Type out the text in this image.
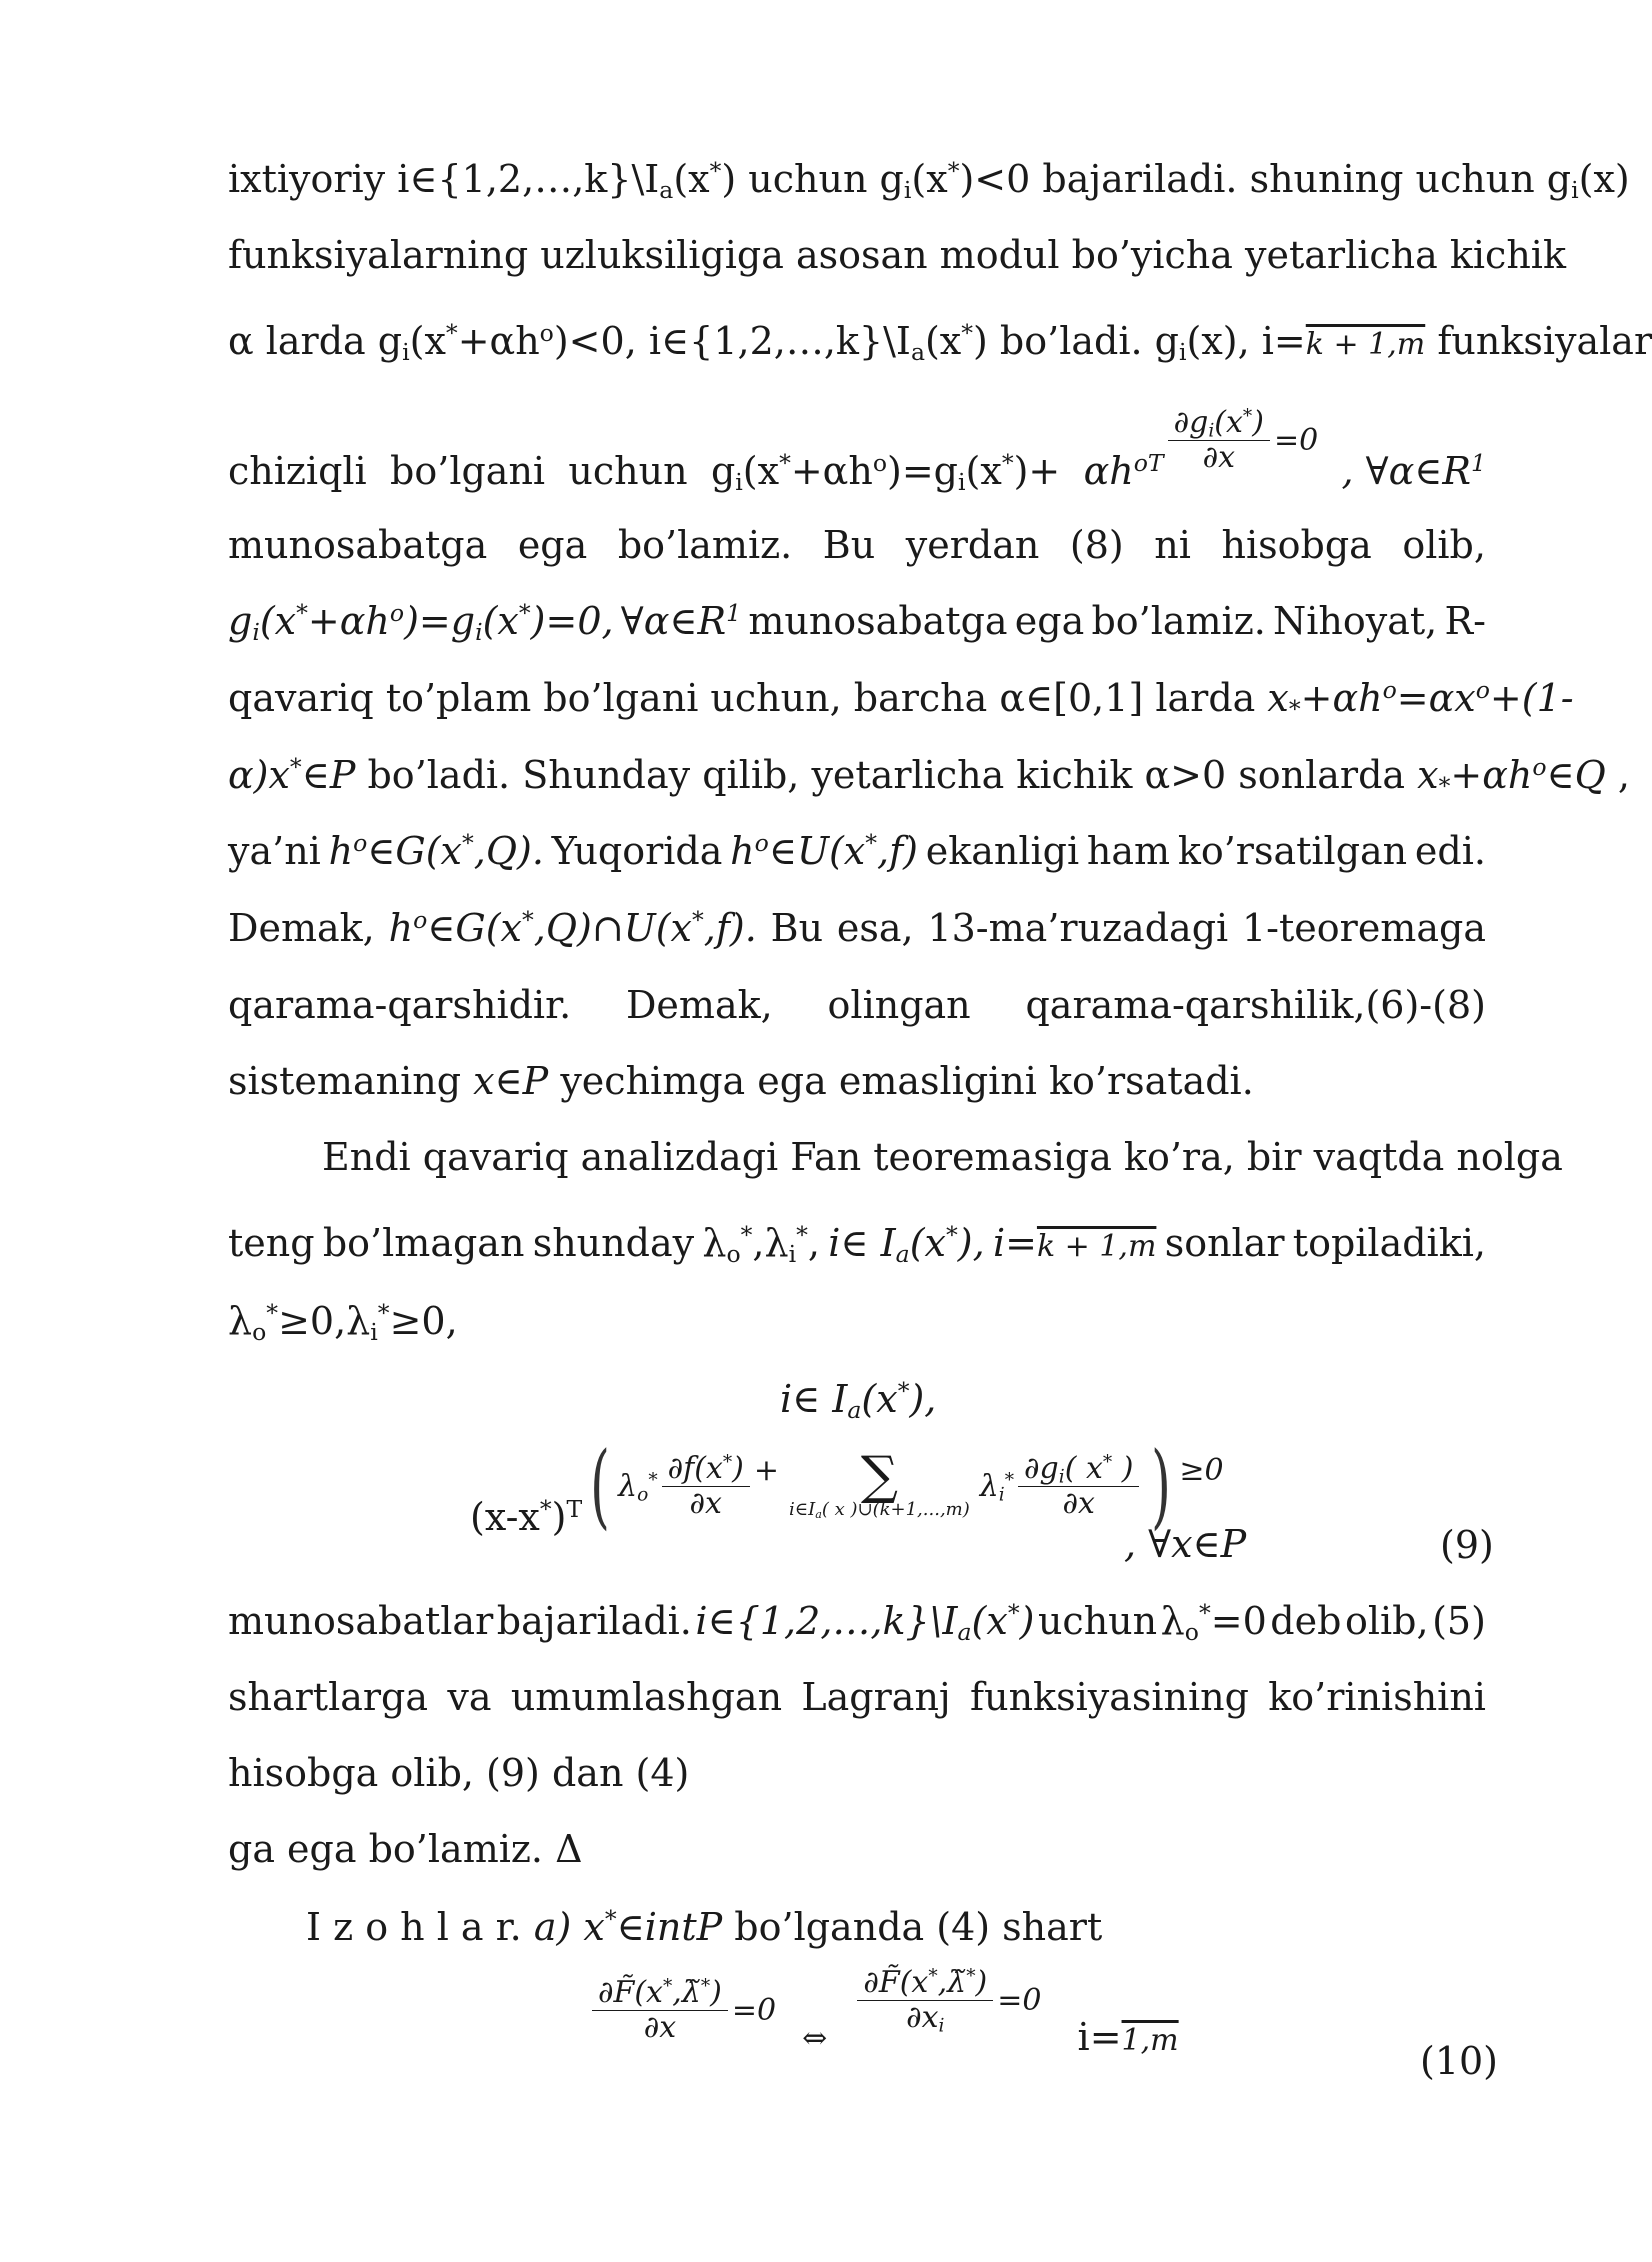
ixtiyoriy $i\in\{1,2,\dots,k\}\backslash I_a(x^*)$ uchun $g_i(x^*)<0$ bajariladi. shuning uchun $g_i(x)$
funksiyalarning uzluksiligiga asosan modul bo’yicha yetarlicha kichik
α larda $g_i(x^*+\alpha h^o)<0$, $i\in\{1,2,\dots,k\}\backslash I_a(x^*)$ bo’ladi. $g_i(x)$, i=k + 1,m funksiyalar
chiziqli bo’lgani uchun $g_i(x^*+\alpha h^o)=g_i(x^*)+ \alpha h^{oT} \frac{\partial g_i(x^*)}{\partial x} ^{=0}$
, $\forall\alpha\in R^1$
munosabatga ega bo’lamiz. Bu yerdan (8) ni hisobga olib,
$g_i(x^*+\alpha h^o)=g_i(x^*)=0$, $\forall\alpha\in R^1$ munosabatga ega bo’lamiz. Nihoyat, R-
qavariq to’plam bo’lgani uchun, barcha α∈[0,1] larda $x_*+\alpha h^o=\alpha x^o+(1-$
α)x*∈P bo’ladi. Shunday qilib, yetarlicha kichik α>0 sonlarda $x_*+\alpha h^o\in Q$ ,
ya’ni $h^o\in G(x^*,Q)$. Yuqorida $h^o\in U(x^*,f)$ ekanligi ham ko’rsatilgan edi.
Demak, $h^o\in G(x^*,Q)\cap U(x^*,f)$. Bu esa, 13-ma’ruzadagi 1-teoremaga
qarama-qarshidir. Demak, olingan qarama-qarshilik,(6)-(8)
sistemaning x∈P yechimga ega emasligini ko’rsatadi.
Endi qavariq analizdagi Fan teoremasiga ko’ra, bir vaqtda nolga
teng bo’lmagan shunday $\lambda_o^*,\lambda_i^*$, i∈ $I_a(x^*)$, i=k + 1,m sonlar topiladiki,
$\lambda_o^*\ge 0,\lambda_i^*\ge 0$,
i∈ $I_a(x^*)$,
$(x-x^*)^T$( $\lambda_o^* \frac{\partial f(x^*)}{\partial x} ^+$ ∑
$i\in I_a$( x )∪(k+1,...,m)
$\lambda_i^* \frac{\partial g_i( x^* )}{\partial x}$ ) $^{\ge 0}$
, ∀x∈P	(9)
munosabatlar bajariladi. $i\in\{1,2,\dots,k\}\backslash I_a(x^*)$ uchun $\lambda_o^*=0$ deb olib, (5)
shartlarga va umumlashgan Lagranj funksiyasining ko’rinishini
hisobga olib, (9) dan (4)
ga ega bo’lamiz. Δ
I z o h l a r. a) x*∈intP bo’lganda (4) shart
$\frac{\partial F̃(x^*,\lambdã^*)}{\partial x} =0$ $_\Leftrightarrow$
$\frac{\partial F̃(x^*,\lambdã^*)}{\partial x_i} ^{=0}$ i=1,m	(10)
